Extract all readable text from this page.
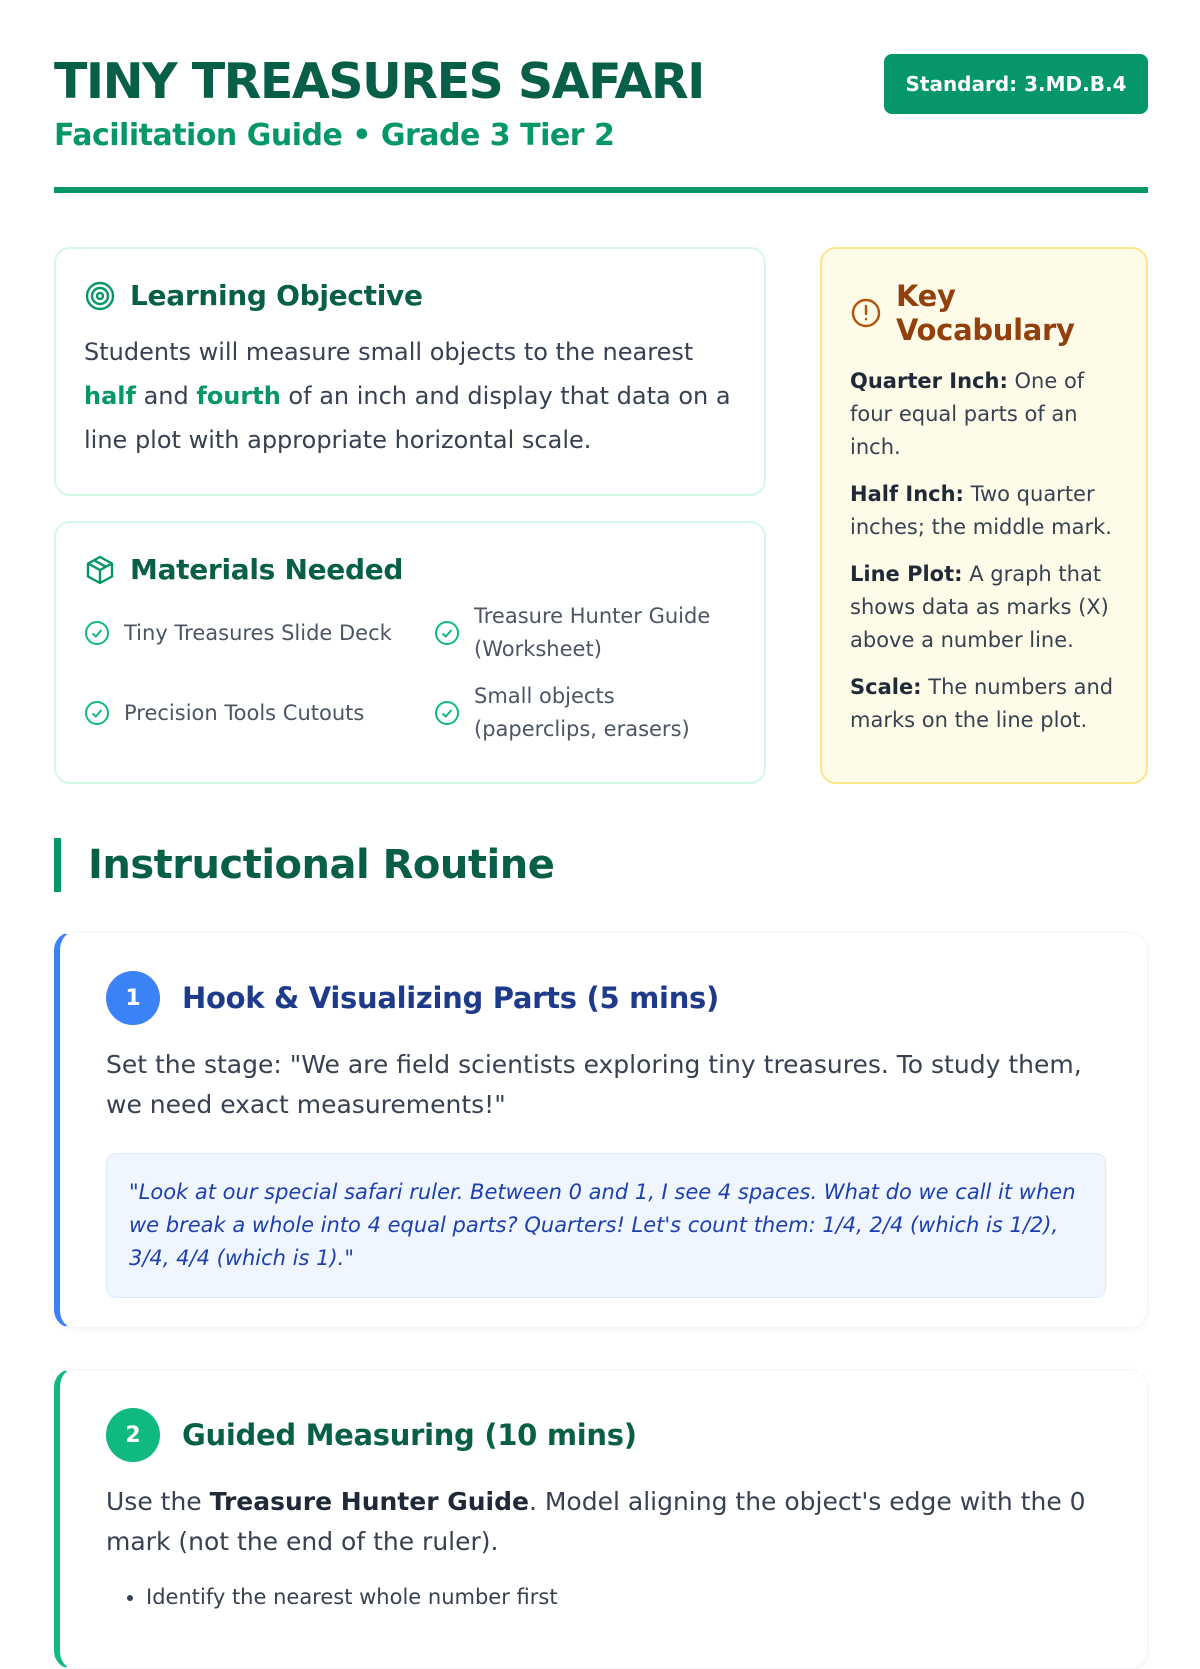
TINY TREASURES SAFARI

Facilitation Guide • Grade 3 Tier 2

Standard: 3.MD.B.4
Learning Objective

Students will measure small objects to the nearest half and fourth of an inch and display that data on a line plot with appropriate horizontal scale.

Materials Needed
Tiny Treasures Slide Deck
Treasure Hunter Guide (Worksheet)
Precision Tools Cutouts
Small objects (paperclips, erasers)
Key Vocabulary
Quarter Inch: One of four equal parts of an inch.
Half Inch: Two quarter inches; the middle mark.
Line Plot: A graph that shows data as marks (X) above a number line.
Scale: The numbers and marks on the line plot.
Instructional Routine
1	Hook & Visualizing Parts (5 mins)

Set the stage: "We are field scientists exploring tiny treasures. To study them, we need exact measurements!"

"Look at our special safari ruler. Between 0 and 1, I see 4 spaces. What do we call it when we break a whole into 4 equal parts? Quarters! Let's count them: 1/4, 2/4 (which is 1/2), 3/4, 4/4 (which is 1)."
2	Guided Measuring (10 mins)

Use the Treasure Hunter Guide. Model aligning the object's edge with the 0 mark (not the end of the ruler).

• Identify the nearest whole number first
